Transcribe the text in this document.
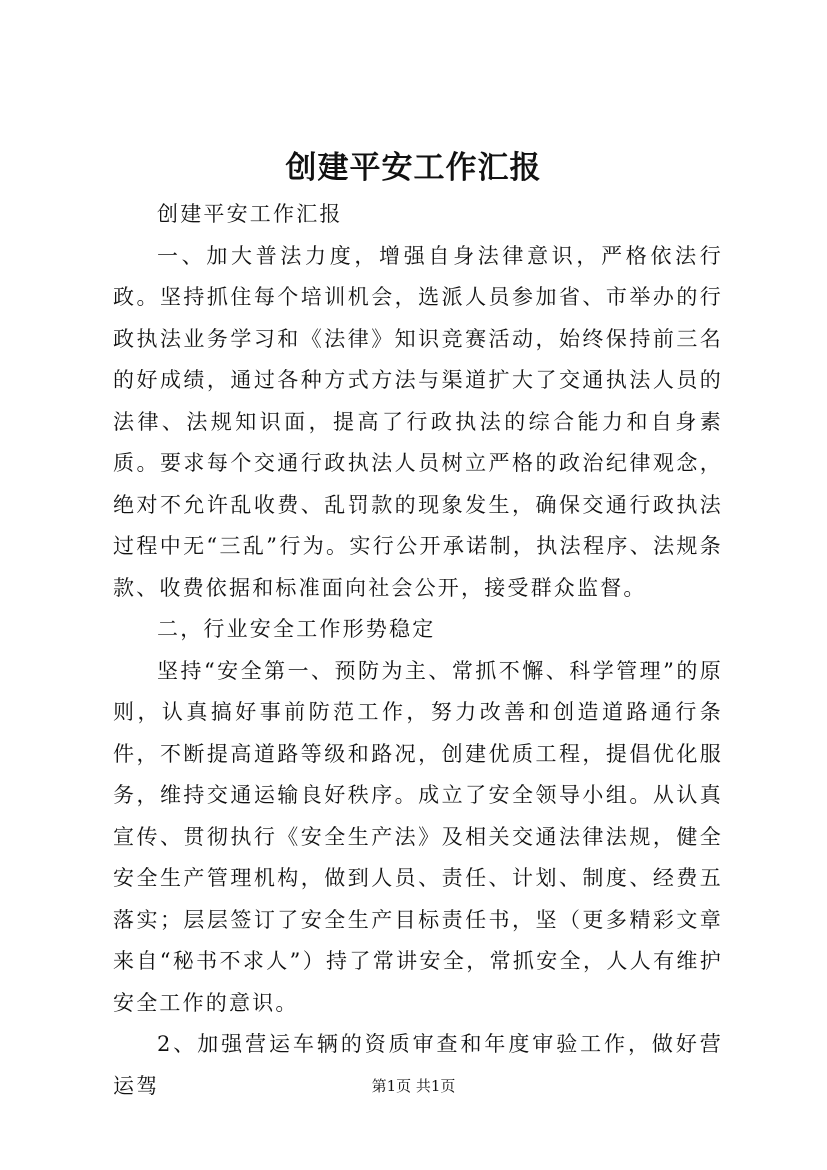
创建平安工作汇报

创建平安工作汇报

一、加大普法力度，增强自身法律意识，严格依法行政。坚持抓住每个培训机会，选派人员参加省、市举办的行政执法业务学习和《法律》知识竞赛活动，始终保持前三名的好成绩，通过各种方式方法与渠道扩大了交通执法人员的法律、法规知识面，提高了行政执法的综合能力和自身素质。要求每个交通行政执法人员树立严格的政治纪律观念，绝对不允许乱收费、乱罚款的现象发生，确保交通行政执法过程中无“三乱”行为。实行公开承诺制，执法程序、法规条款、收费依据和标准面向社会公开，接受群众监督。

二，行业安全工作形势稳定

坚持“安全第一、预防为主、常抓不懈、科学管理”的原则，认真搞好事前防范工作，努力改善和创造道路通行条件，不断提高道路等级和路况，创建优质工程，提倡优化服务，维持交通运输良好秩序。成立了安全领导小组。从认真宣传、贯彻执行《安全生产法》及相关交通法律法规，健全安全生产管理机构，做到人员、责任、计划、制度、经费五落实；层层签订了安全生产目标责任书，坚（更多精彩文章来自“秘书不求人”）持了常讲安全，常抓安全，人人有维护安全工作的意识。

2、加强营运车辆的资质审查和年度审验工作，做好营运驾	第1页 共1页
